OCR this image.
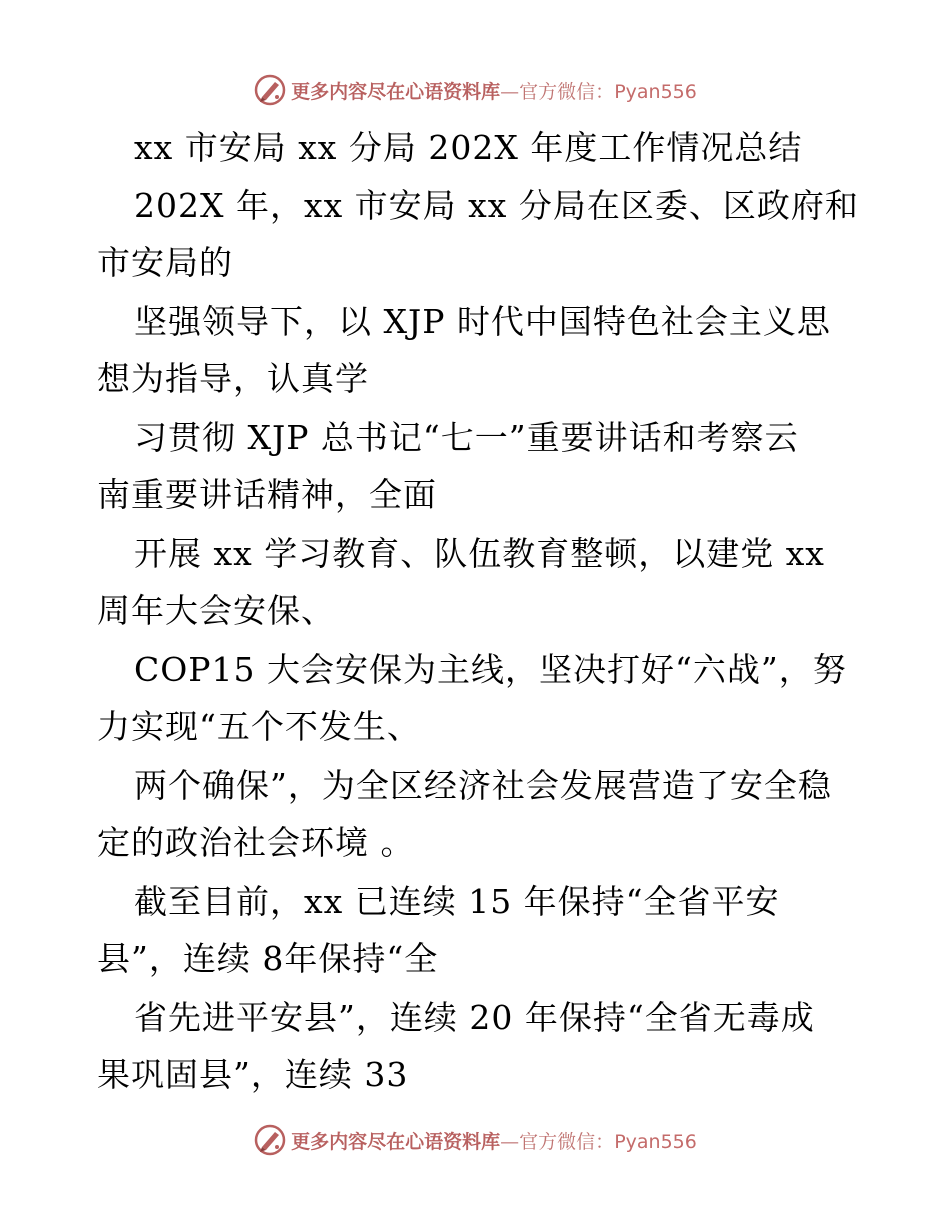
更多内容尽在心语资料库—官方微信：Pyan556
xx 市安局 xx 分局 202X 年度工作情况总结
202X 年，xx 市安局 xx 分局在区委、区政府和
市安局的
坚强领导下，以 XJP 时代中国特色社会主义思
想为指导，认真学
习贯彻 XJP 总书记“七一”重要讲话和考察云
南重要讲话精神，全面
开展 xx 学习教育、队伍教育整顿，以建党 xx
周年大会安保、
COP15 大会安保为主线，坚决打好“六战”，努
力实现“五个不发生、
两个确保”，为全区经济社会发展营造了安全稳
定的政治社会环境 。
截至目前，xx 已连续 15 年保持“全省平安
县”，连续 8年保持“全
省先进平安县”，连续 20 年保持“全省无毒成
果巩固县”，连续 33
更多内容尽在心语资料库—官方微信：Pyan556
